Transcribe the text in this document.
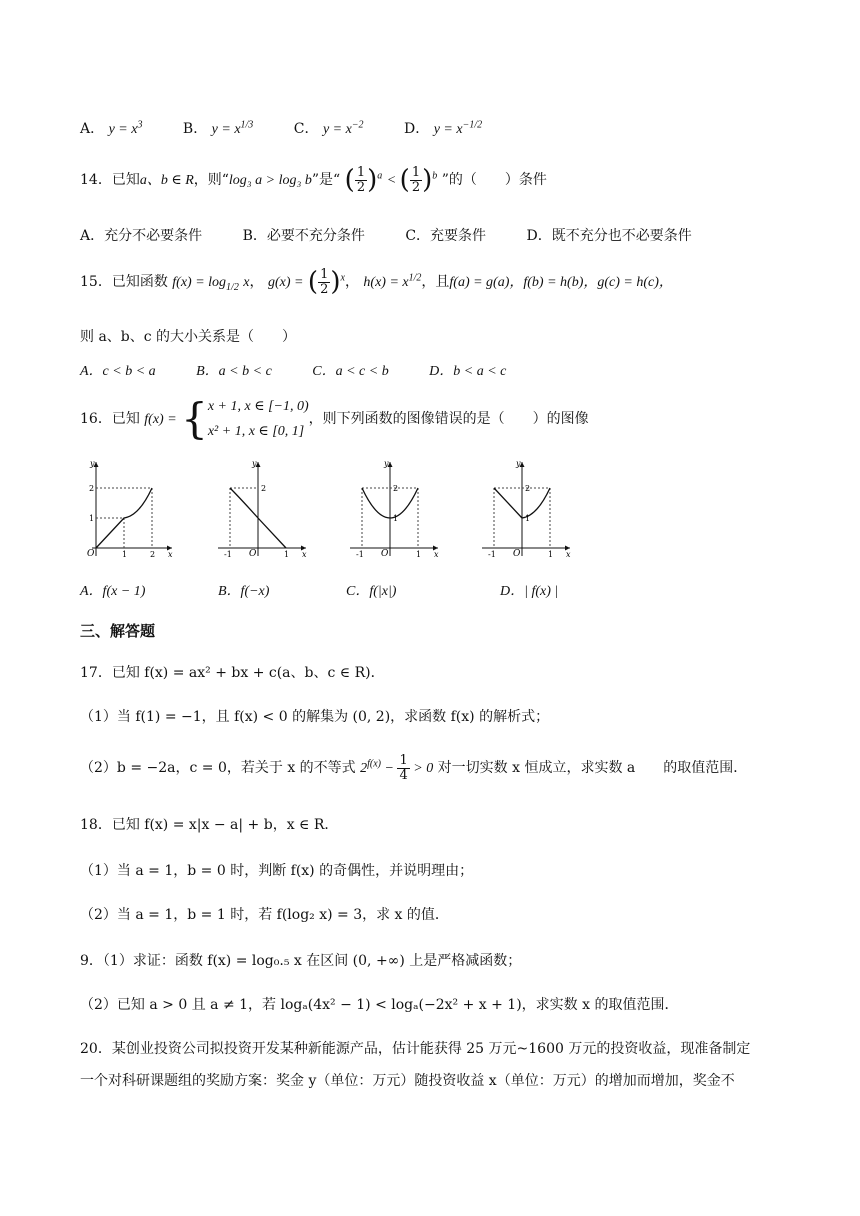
A． $y = x^3$	B． $y = x^{1/3}$	C． $y = x^{-2}$	D． $y = x^{-1/2}$
14．已知a、b ∈ R，则“log₃ a > log₃ b”是“ ( $\frac{1}{2} )^a$ < ( $\frac{1}{2} )^b$ ”的（　　）条件
A．充分不必要条件	B．必要不充分条件	C．充要条件	D．既不充分也不必要条件
15．已知函数 $f(x) = \log_{1/2} x$， g(x) = ( $\frac{1}{2} )^x$， $h(x) = x^{1/2}$，且f(a) = g(a)，f(b) = h(b)，g(c) = h(c)，
则 a、b、c 的大小关系是（　　）
A．c < b < a	B．a < b < c	C．a < c < b	D．b < a < c
16．已知 f(x) = {x + 1, x ∈ [−1, 0)
x² + 1, x ∈ [0, 1]，则下列函数的图像错误的是（　　）的图像
y
x
O
2
1
1	2
y
x
O
-1	1
2
y
x
O
-1	1
2
1
y
x
O
-1	1
2
1
A．f(x − 1)	B．f(−x)	C．f(|x|)	D．| f(x) |
三、解答题
17．已知 f(x) = ax² + bx + c(a、b、c ∈ R)．
（1）当 f(1) = −1，且 f(x) < 0 的解集为 (0, 2)，求函数 f(x) 的解析式；
（2）b = −2a，c = 0，若关于 x 的不等式 $2^{f(x)} - \frac{1}{4} > 0$ 对一切实数 x 恒成立，求实数 a　　的取值范围．
18．已知 f(x) = x|x − a| + b，x ∈ R．
（1）当 a = 1，b = 0 时，判断 f(x) 的奇偶性，并说明理由；
（2）当 a = 1，b = 1 时，若 f(log₂ x) = 3，求 x 的值．
9．（1）求证：函数 f(x) = log₀.₅ x 在区间 (0, +∞) 上是严格减函数；
（2）已知 a > 0 且 a ≠ 1，若 logₐ(4x² − 1) < logₐ(−2x² + x + 1)，求实数 x 的取值范围．
20．某创业投资公司拟投资开发某种新能源产品，估计能获得 25 万元~1600 万元的投资收益，现准备制定
一个对科研课题组的奖励方案：奖金 y（单位：万元）随投资收益 x（单位：万元）的增加而增加，奖金不
